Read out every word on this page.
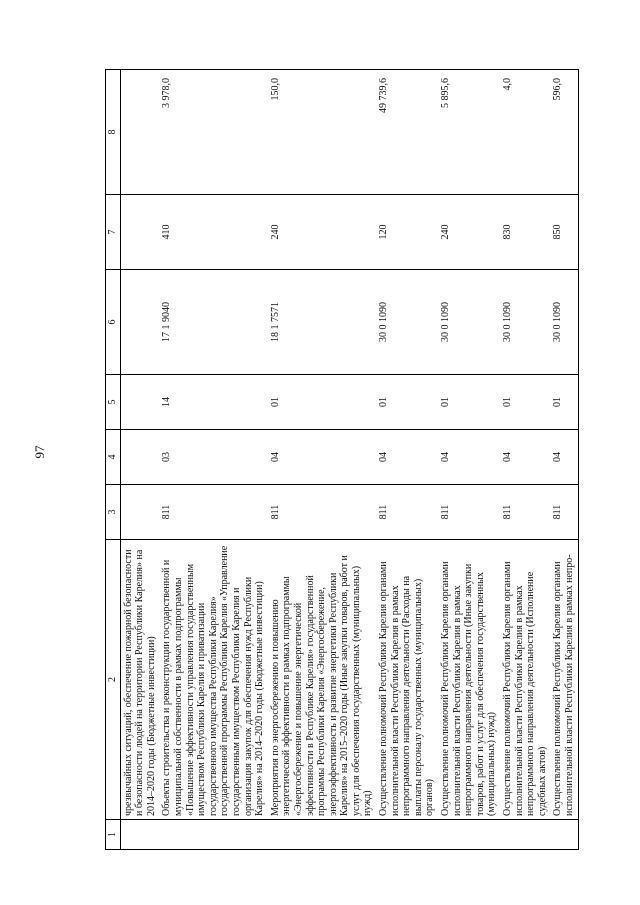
97
1	2	3	4	5	6	7	8
	чрезвычайных ситуаций, обеспечение пожарной безопасности и безопасности людей на территории Республики Карелия» на 2014–2020 годы (Бюджетные инвестиции)						
	Объекты строительства и реконструкции государственной и муниципальной собственности в рамках подпрограммы «Повышение эффективности управления государственным имуществом Республики Карелия и приватизации государственного имущества Республики Карелия» государственной программы Республики Карелия «Управление государственным имуществом Республики Карелия и организация закупок для обеспечения нужд Республики Карелия» на 2014–2020 годы (Бюджетные инвестиции)	811	03	14	17 1 9040	410	3 978,0
	Мероприятия по энергосбережению и повышению энергетической эффективности в рамках подпрограммы «Энергосбережение и повышение энергетической эффективности в Республике Карелия» государственной программы Республики Карелия «Энергосбережение, энергоэффективность и развитие энергетики Республики Карелия» на 2015–2020 годы (Иные закупки товаров, работ и услуг для обеспечения государственных (муниципальных) нужд)	811	04	01	18 1 7571	240	150,0
	Осуществление полномочий Республики Карелия органами исполнительной власти Республики Карелия в рамках непрограммного направления деятельности (Расходы на выплаты персоналу государственных (муниципальных) органов)	811	04	01	30 0 1090	120	49 739,6
	Осуществление полномочий Республики Карелия органами исполнительной власти Республики Карелия в рамках непрограммного направления деятельности (Иные закупки товаров, работ и услуг для обеспечения государственных (муниципальных) нужд)	811	04	01	30 0 1090	240	5 895,6
	Осуществление полномочий Республики Карелия органами исполнительной власти Республики Карелия в рамках непрограммного направления деятельности (Исполнение судебных актов)	811	04	01	30 0 1090	830	4,0
	Осуществление полномочий Республики Карелия органами исполнительной власти Республики Карелия в рамках непро-	811	04	01	30 0 1090	850	596,0
